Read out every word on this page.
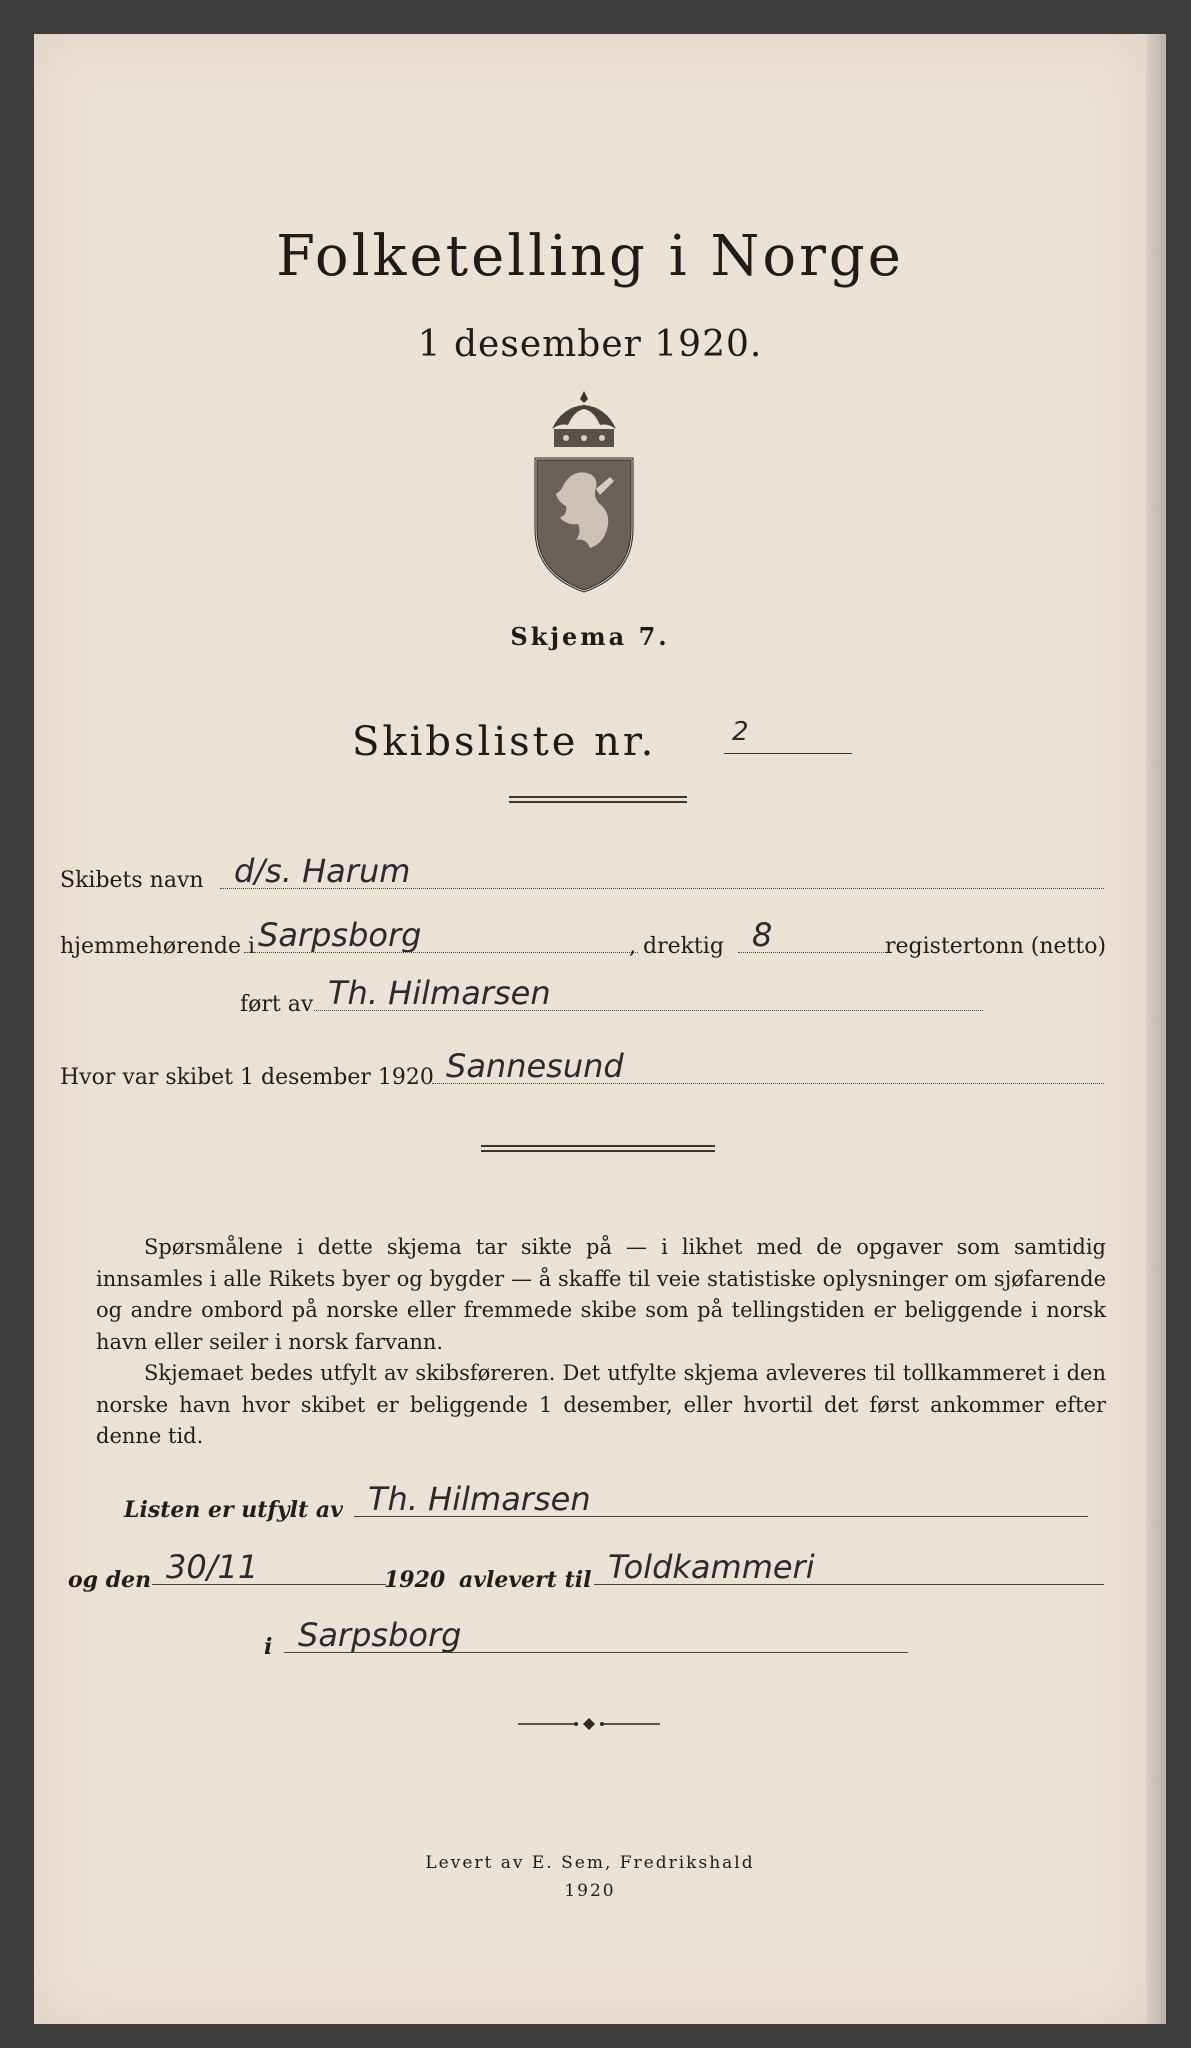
Folketelling i Norge
1 desember 1920.
Skjema 7.
Skibsliste nr.	2
Skibets navn d/s. Harum
hjemmehørende i Sarpsborg	, drektig 8	registertonn (netto)
ført av Th. Hilmarsen
Hvor var skibet 1 desember 1920 Sannesund

Spørsmålene i dette skjema tar sikte på — i likhet med de opgaver som samtidig innsamles i alle Rikets byer og bygder — å skaffe til veie statistiske oplysninger om sjøfarende og andre ombord på norske eller fremmede skibe som på tellingstiden er beliggende i norsk havn eller seiler i norsk farvann.

Skjemaet bedes utfylt av skibsføreren. Det utfylte skjema avleveres til tollkammeret i den norske havn hvor skibet er beliggende 1 desember, eller hvortil det først ankommer efter denne tid.

Listen er utfylt av Th. Hilmarsen
og den 30/11	1920 avlevert til Toldkammeri
i Sarpsborg
Levert av E. Sem, Fredrikshald
1920
